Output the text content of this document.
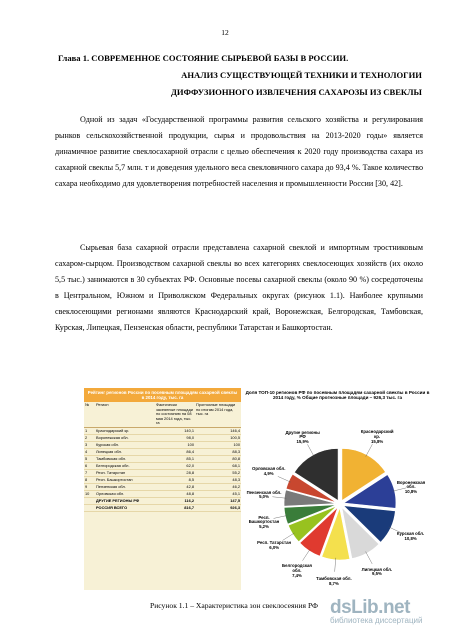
12
Глава 1. СОВРЕМЕННОЕ СОСТОЯНИЕ СЫРЬЕВОЙ БАЗЫ В РОССИИ.
АНАЛИЗ СУЩЕСТВУЮЩЕЙ ТЕХНИКИ И ТЕХНОЛОГИИ
ДИФФУЗИОННОГО ИЗВЛЕЧЕНИЯ САХАРОЗЫ ИЗ СВЕКЛЫ
Одной из задач «Государственной программы развития сельского хозяйства и регулирования рынков сельскохозяйственной продукции, сырья и продовольствия на 2013-2020 годы» является динамичное развитие свеклосахарной отрасли с целью обеспечения к 2020 году производства сахара из сахарной свеклы 5,7 млн. т и доведения удельного веса свекловичного сахара до 93,4 %. Такое количество сахара необходимо для удовлетворения потребностей населения и промышленности России [30, 42].
Сырьевая база сахарной отрасли представлена сахарной свеклой и импортным тростниковым сахаром-сырцом. Производством сахарной свеклы во всех категориях свеклосеющих хозяйств (их около 5,5 тыс.) занимаются в 30 субъектах РФ. Основные посевы сахарной свеклы (около 90 %) сосредоточены в Центральном, Южном и Приволжском Федеральных округах (рисунок 1.1). Наиболее крупными свеклосеющими регионами являются Краснодарский край, Воронежская, Белгородская, Тамбовская, Курская, Липецкая, Пензенская области, республики Татарстан и Башкортостан.
Рейтинг регионов России по посевным площадям сахарной свеклы в 2014 году, тыс. га
№	Регион	Фактически засеянные площади по состоянию на 08 мая 2014 года, тыс. га	Прогнозные площади по итогам 2014 года, тыс. га
1	Краснодарский кр.	140,1	146,4
2	Воронежская обл.	98,0	100,5
3	Курская обл.	100	100
4	Липецкая обл.	86,4	88,3
5	Тамбовская обл.	85,1	80,8
6	Белгородская обл.	62,0	68,1
7	Респ. Татарстан	28,8	55,2
8	Респ. Башкортостан	8,5	48,3
9	Пензенская обл.	42,8	46,2
10	Орловская обл.	48,8	45,1
	ДРУГИЕ РЕГИОНЫ РФ	116,2	147,5
	РОССИЯ ВСЕГО	816,7	926,3
Доля ТОП-10 регионов РФ по посевным площадям сахарной свеклы в России в 2014 году, % Общие прогнозные площади – 926,3 тыс. га
Краснодарский кр.
15,8%
Воронежская обл.
10,8%
Курская обл.
10,8%
Липецкая обл.
9,5%
Тамбовская обл.
8,7%
Белгородская обл.
7,4%
Респ. Татарстан
6,0%
Респ. Башкортостан
5,2%
Пензенская обл.
5,0%
Орловская обл.
4,9%
Другие регионы РФ
15,9%
Рисунок 1.1 – Характеристика зон свеклосеяния РФ dsLib.net
библиотека диссертаций
